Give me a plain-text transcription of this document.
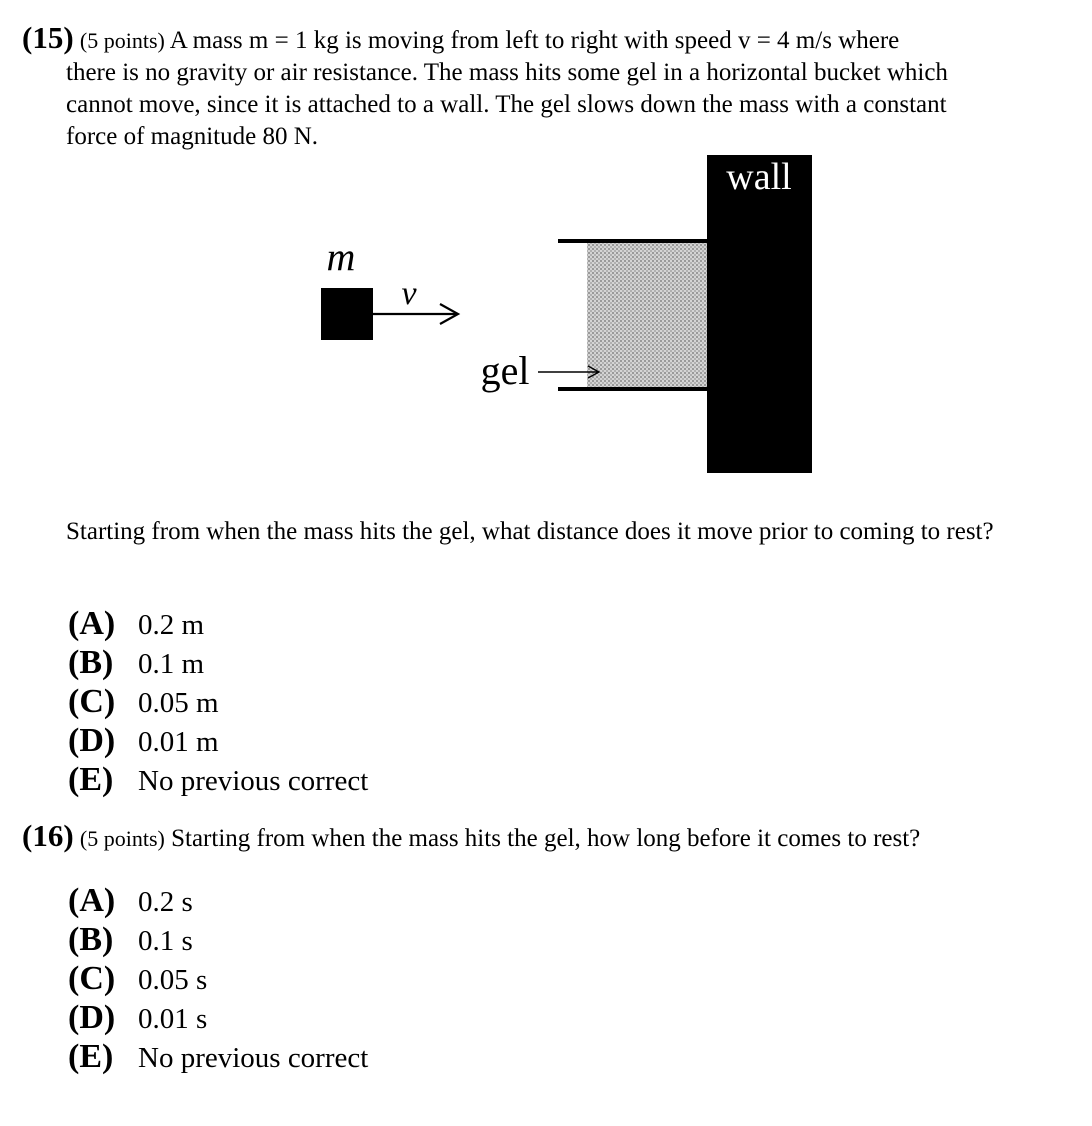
(15) (5 points) A mass m = 1 kg is moving from left to right with speed v = 4 m/s where
there is no gravity or air resistance. The mass hits some gel in a horizontal bucket which
cannot move, since it is attached to a wall. The gel slows down the mass with a constant
force of magnitude 80 N.
wall
m
v
gel
Starting from when the mass hits the gel, what distance does it move prior to coming to rest?
(A) 0.2 m
(B) 0.1 m
(C) 0.05 m
(D) 0.01 m
(E) No previous correct
(16) (5 points) Starting from when the mass hits the gel, how long before it comes to rest?
(A) 0.2 s
(B) 0.1 s
(C) 0.05 s
(D) 0.01 s
(E) No previous correct
